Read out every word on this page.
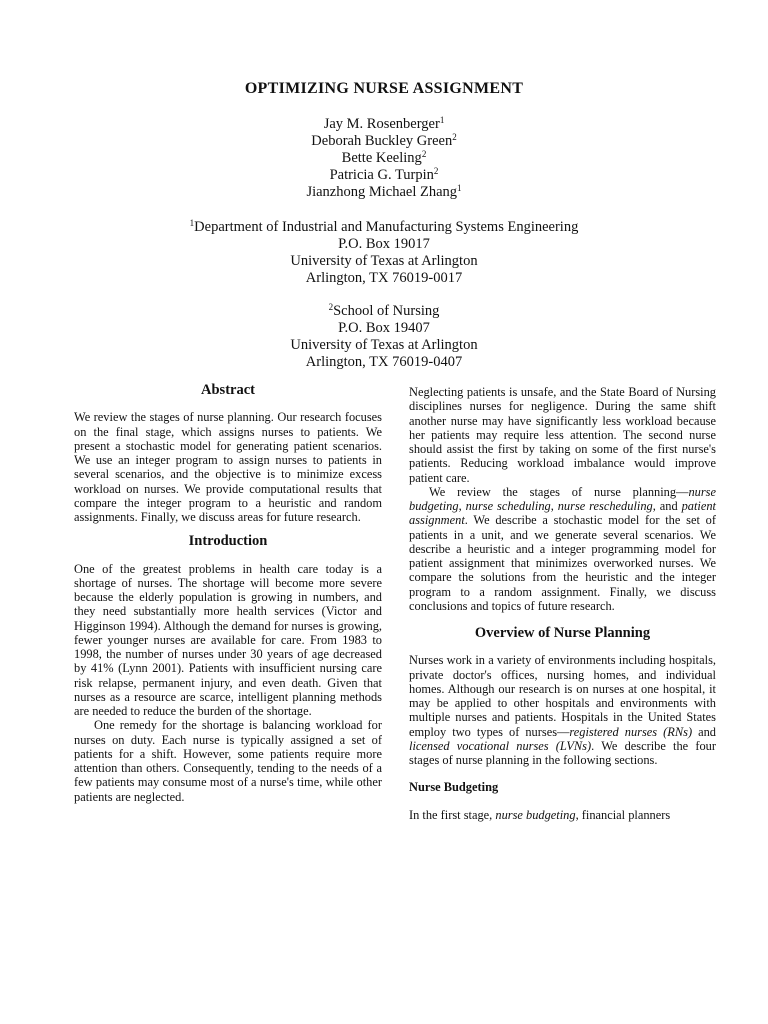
OPTIMIZING NURSE ASSIGNMENT
Jay M. Rosenberger$^1$
Deborah Buckley Green$^2$
Bette Keeling$^2$
Patricia G. Turpin$^2$
Jianzhong Michael Zhang$^1$
$^1$Department of Industrial and Manufacturing Systems Engineering
P.O. Box 19017
University of Texas at Arlington
Arlington, TX 76019-0017
$^2$School of Nursing
P.O. Box 19407
University of Texas at Arlington
Arlington, TX 76019-0407

Abstract

We review the stages of nurse planning. Our research focuses on the final stage, which assigns nurses to patients. We present a stochastic model for generating patient scenarios. We use an integer program to assign nurses to patients in several scenarios, and the objective is to minimize excess workload on nurses. We provide computational results that compare the integer program to a heuristic and random assignments. Finally, we discuss areas for future research.

Introduction

One of the greatest problems in health care today is a shortage of nurses. The shortage will become more severe because the elderly population is growing in numbers, and they need substantially more health services (Victor and Higginson 1994). Although the demand for nurses is growing, fewer younger nurses are available for care. From 1983 to 1998, the number of nurses under 30 years of age decreased by 41% (Lynn 2001). Patients with insufficient nursing care risk relapse, permanent injury, and even death. Given that nurses as a resource are scarce, intelligent planning methods are needed to reduce the burden of the shortage.

One remedy for the shortage is balancing workload for nurses on duty. Each nurse is typically assigned a set of patients for a shift. However, some patients require more attention than others. Consequently, tending to the needs of a few patients may consume most of a nurse's time, while other patients are neglected.

Neglecting patients is unsafe, and the State Board of Nursing disciplines nurses for negligence. During the same shift another nurse may have significantly less workload because her patients may require less attention. The second nurse should assist the first by taking on some of the first nurse's patients. Reducing workload imbalance would improve patient care.

We review the stages of nurse planning—nurse budgeting, nurse scheduling, nurse rescheduling, and patient assignment. We describe a stochastic model for the set of patients in a unit, and we generate several scenarios. We describe a heuristic and a integer programming model for patient assignment that minimizes overworked nurses. We compare the solutions from the heuristic and the integer program to a random assignment. Finally, we discuss conclusions and topics of future research.

Overview of Nurse Planning

Nurses work in a variety of environments including hospitals, private doctor's offices, nursing homes, and individual homes. Although our research is on nurses at one hospital, it may be applied to other hospitals and environments with multiple nurses and patients. Hospitals in the United States employ two types of nurses—registered nurses (RNs) and licensed vocational nurses (LVNs). We describe the four stages of nurse planning in the following sections.

Nurse Budgeting

In the first stage, nurse budgeting, financial planners
